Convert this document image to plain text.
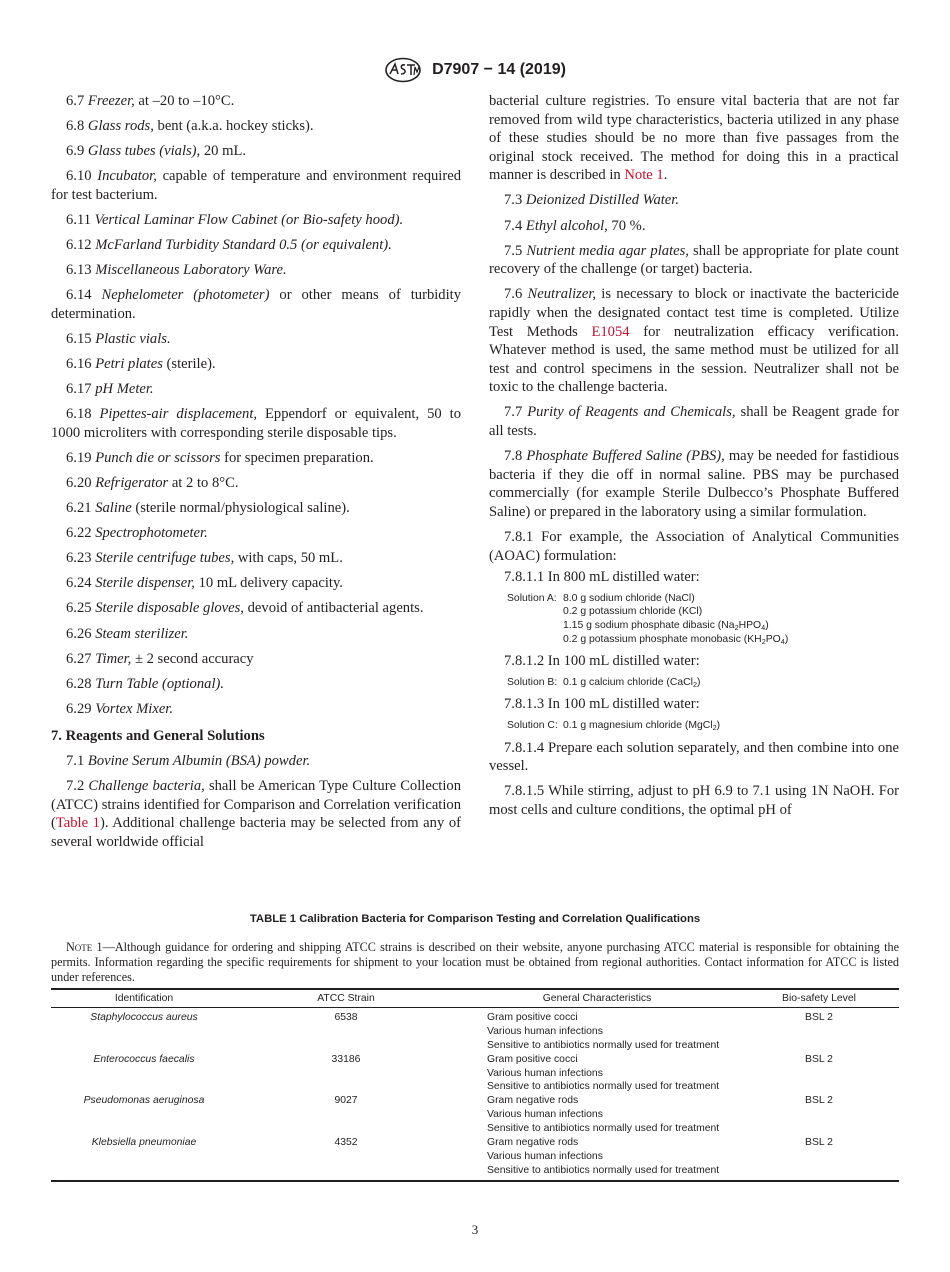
D7907 − 14 (2019)

6.7 Freezer, at –20 to –10°C.

6.8 Glass rods, bent (a.k.a. hockey sticks).

6.9 Glass tubes (vials), 20 mL.

6.10 Incubator, capable of temperature and environment required for test bacterium.

6.11 Vertical Laminar Flow Cabinet (or Bio-safety hood).

6.12 McFarland Turbidity Standard 0.5 (or equivalent).

6.13 Miscellaneous Laboratory Ware.

6.14 Nephelometer (photometer) or other means of turbidity determination.

6.15 Plastic vials.

6.16 Petri plates (sterile).

6.17 pH Meter.

6.18 Pipettes-air displacement, Eppendorf or equivalent, 50 to 1000 microliters with corresponding sterile disposable tips.

6.19 Punch die or scissors for specimen preparation.

6.20 Refrigerator at 2 to 8°C.

6.21 Saline (sterile normal/physiological saline).

6.22 Spectrophotometer.

6.23 Sterile centrifuge tubes, with caps, 50 mL.

6.24 Sterile dispenser, 10 mL delivery capacity.

6.25 Sterile disposable gloves, devoid of antibacterial agents.

6.26 Steam sterilizer.

6.27 Timer, ± 2 second accuracy

6.28 Turn Table (optional).

6.29 Vortex Mixer.

7. Reagents and General Solutions

7.1 Bovine Serum Albumin (BSA) powder.

7.2 Challenge bacteria, shall be American Type Culture Collection (ATCC) strains identified for Comparison and Correlation verification (Table 1). Additional challenge bacteria may be selected from any of several worldwide official

bacterial culture registries. To ensure vital bacteria that are not far removed from wild type characteristics, bacteria utilized in any phase of these studies should be no more than five passages from the original stock received. The method for doing this in a practical manner is described in Note 1.

7.3 Deionized Distilled Water.

7.4 Ethyl alcohol, 70 %.

7.5 Nutrient media agar plates, shall be appropriate for plate count recovery of the challenge (or target) bacteria.

7.6 Neutralizer, is necessary to block or inactivate the bactericide rapidly when the designated contact test time is completed. Utilize Test Methods E1054 for neutralization efficacy verification. Whatever method is used, the same method must be utilized for all test and control specimens in the session. Neutralizer shall not be toxic to the challenge bacteria.

7.7 Purity of Reagents and Chemicals, shall be Reagent grade for all tests.

7.8 Phosphate Buffered Saline (PBS), may be needed for fastidious bacteria if they die off in normal saline. PBS may be purchased commercially (for example Sterile Dulbecco’s Phosphate Buffered Saline) or prepared in the laboratory using a similar formulation.

7.8.1 For example, the Association of Analytical Communities (AOAC) formulation:

7.8.1.1 In 800 mL distilled water:

Solution A: 8.0 g sodium chloride (NaCl)
0.2 g potassium chloride (KCl)
1.15 g sodium phosphate dibasic $(Na_2HPO_4)$
0.2 g potassium phosphate monobasic $(KH_2PO_4)$

7.8.1.2 In 100 mL distilled water:

Solution B: 0.1 g calcium chloride (CaCl$_2$)

7.8.1.3 In 100 mL distilled water:

Solution C: 0.1 g magnesium chloride (MgCl$_2$)

7.8.1.4 Prepare each solution separately, and then combine into one vessel.

7.8.1.5 While stirring, adjust to pH 6.9 to 7.1 using 1N NaOH. For most cells and culture conditions, the optimal pH of

TABLE 1 Calibration Bacteria for Comparison Testing and Correlation Qualifications
Note 1—Although guidance for ordering and shipping ATCC strains is described on their website, anyone purchasing ATCC material is responsible for obtaining the permits. Information regarding the specific requirements for shipment to your location must be obtained from regional authorities. Contact information for ATCC is listed under references.
Identification	ATCC Strain	General Characteristics	Bio-safety Level
Staphylococcus aureus	6538	Gram positive cocci
Various human infections
Sensitive to antibiotics normally used for treatment	BSL 2
Enterococcus faecalis	33186	Gram positive cocci
Various human infections
Sensitive to antibiotics normally used for treatment	BSL 2
Pseudomonas aeruginosa	9027	Gram negative rods
Various human infections
Sensitive to antibiotics normally used for treatment	BSL 2
Klebsiella pneumoniae	4352	Gram negative rods
Various human infections
Sensitive to antibiotics normally used for treatment	BSL 2
3
